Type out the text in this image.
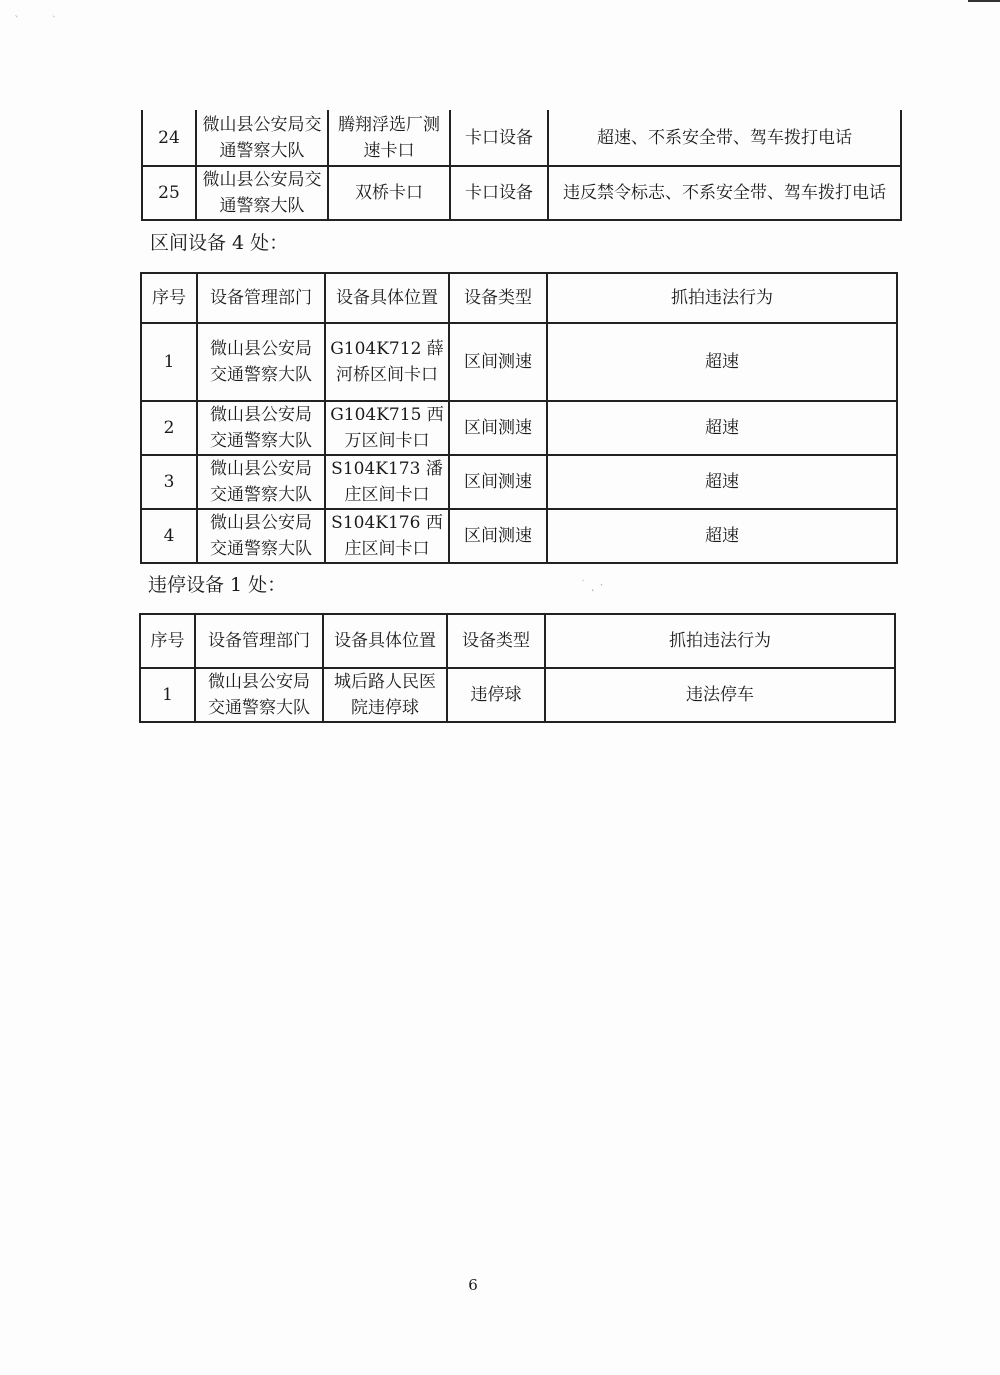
ˋ
ˎ
24	微山县公安局交通警察大队	腾翔浮选厂测速卡口	卡口设备	超速、不系安全带、驾车拨打电话
25	微山县公安局交通警察大队	双桥卡口	卡口设备	违反禁令标志、不系安全带、驾车拨打电话
区间设备 4 处：
序号	设备管理部门	设备具体位置	设备类型	抓拍违法行为
1	微山县公安局交通警察大队	G104K712 薛河桥区间卡口	区间测速	超速
2	微山县公安局交通警察大队	G104K715 西万区间卡口	区间测速	超速
3	微山县公安局交通警察大队	S104K173 潘庄区间卡口	区间测速	超速
4	微山县公安局交通警察大队	S104K176 西庄区间卡口	区间测速	超速
违停设备 1 处：
序号	设备管理部门	设备具体位置	设备类型	抓拍违法行为
1	微山县公安局交通警察大队	城后路人民医院违停球	违停球	违法停车
˙ ˛ ·
6
